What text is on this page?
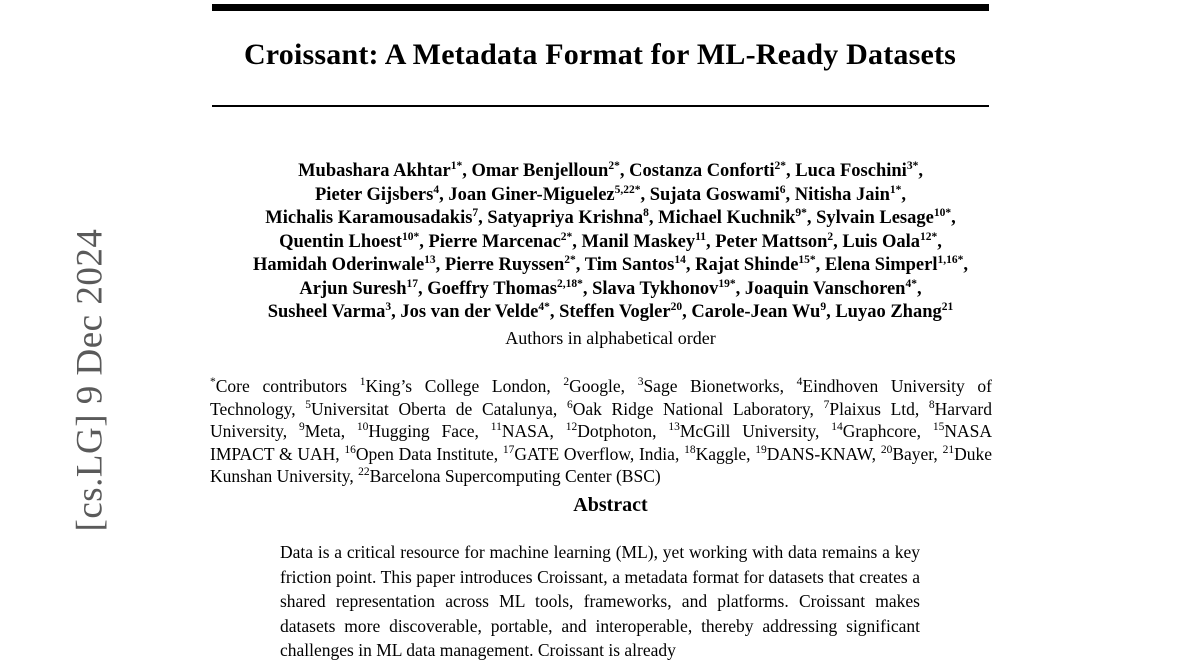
[cs.LG] 9 Dec 2024
Croissant: A Metadata Format for ML-Ready Datasets
Mubashara Akhtar$^{1*}$, Omar Benjelloun$^{2*}$, Costanza Conforti$^{2*}$, Luca Foschini$^{3*}$,
Pieter Gijsbers$^4$, Joan Giner-Miguelez$^{5,22*}$, Sujata Goswami$^6$, Nitisha Jain$^{1*}$,
Michalis Karamousadakis$^7$, Satyapriya Krishna$^8$, Michael Kuchnik$^{9*}$, Sylvain Lesage$^{10*}$,
Quentin Lhoest$^{10*}$, Pierre Marcenac$^{2*}$, Manil Maskey$^{11}$, Peter Mattson$^2$, Luis Oala$^{12*}$,
Hamidah Oderinwale$^{13}$, Pierre Ruyssen$^{2*}$, Tim Santos$^{14}$, Rajat Shinde$^{15*}$, Elena Simperl$^{1,16*}$,
Arjun Suresh$^{17}$, Goeffry Thomas$^{2,18*}$, Slava Tykhonov$^{19*}$, Joaquin Vanschoren$^{4*}$,
Susheel Varma$^3$, Jos van der Velde$^{4*}$, Steffen Vogler$^{20}$, Carole-Jean Wu$^9$, Luyao Zhang$^{21}$
Authors in alphabetical order
*Core contributors $^1$King’s College London, $^2$Google, $^3$Sage Bionetworks, $^4$Eindhoven University of Technology, $^5$Universitat Oberta de Catalunya, $^6$Oak Ridge National Laboratory, $^7$Plaixus Ltd, $^8$Harvard University, $^9$Meta, $^{10}$Hugging Face, $^{11}$NASA, $^{12}$Dotphoton, $^{13}$McGill University, $^{14}$Graphcore, $^{15}$NASA IMPACT & UAH, $^{16}$Open Data Institute, $^{17}$GATE Overflow, India, $^{18}$Kaggle, $^{19}$DANS-KNAW, $^{20}$Bayer, $^{21}$Duke Kunshan University, $^{22}$Barcelona Supercomputing Center (BSC)
Abstract

Data is a critical resource for machine learning (ML), yet working with data remains a key friction point. This paper introduces Croissant, a metadata format for datasets that creates a shared representation across ML tools, frameworks, and platforms. Croissant makes datasets more discoverable, portable, and interoperable, thereby addressing significant challenges in ML data management. Croissant is already
